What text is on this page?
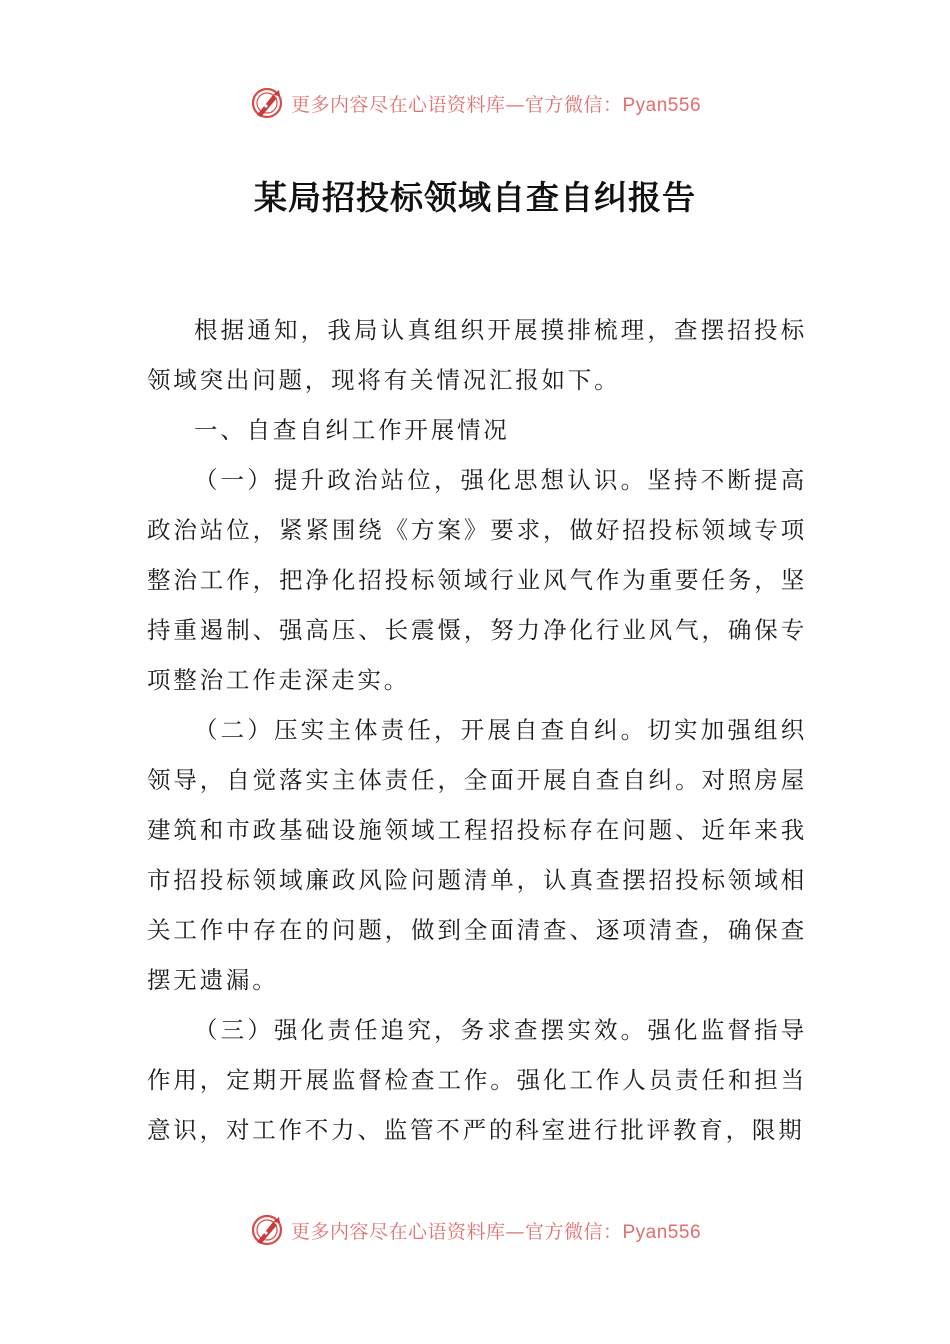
更多内容尽在心语资料库—官方微信：Pyan556
某局招投标领域自查自纠报告

根据通知，我局认真组织开展摸排梳理，查摆招投标领域突出问题，现将有关情况汇报如下。

一、自查自纠工作开展情况

（一）提升政治站位，强化思想认识。坚持不断提高政治站位，紧紧围绕《方案》要求，做好招投标领域专项整治工作，把净化招投标领域行业风气作为重要任务，坚持重遏制、强高压、长震慑，努力净化行业风气，确保专项整治工作走深走实。

（二）压实主体责任，开展自查自纠。切实加强组织领导，自觉落实主体责任，全面开展自查自纠。对照房屋建筑和市政基础设施领域工程招投标存在问题、近年来我市招投标领域廉政风险问题清单，认真查摆招投标领域相关工作中存在的问题，做到全面清查、逐项清查，确保查摆无遗漏。

（三）强化责任追究，务求查摆实效。强化监督指导作用，定期开展监督检查工作。强化工作人员责任和担当意识，对工作不力、监管不严的科室进行批评教育，限期

更多内容尽在心语资料库—官方微信：Pyan556
